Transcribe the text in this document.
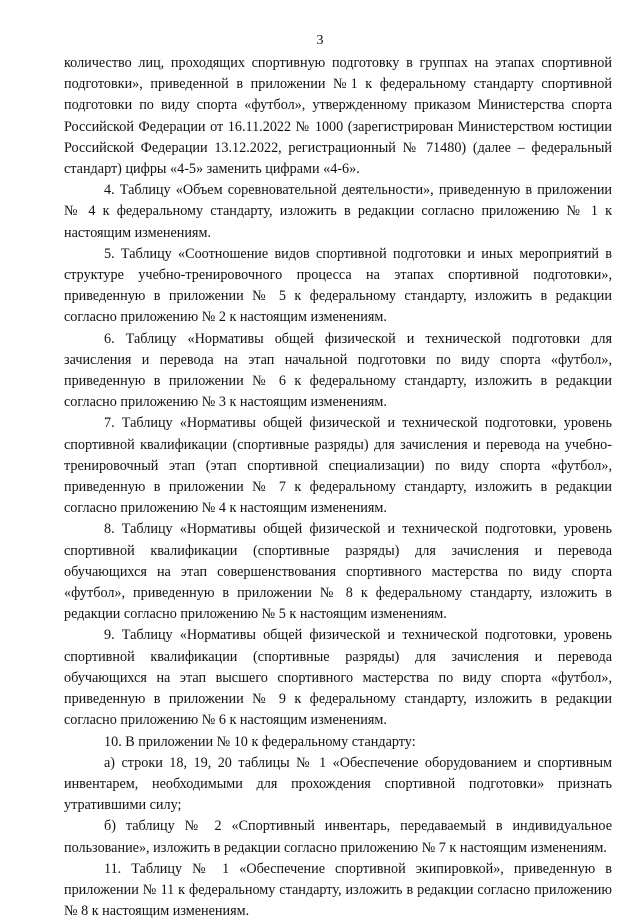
3

количество лиц, проходящих спортивную подготовку в группах на этапах спортивной подготовки», приведенной в приложении №1 к федеральному стандарту спортивной подготовки по виду спорта «футбол», утвержденному приказом Министерства спорта Российской Федерации от 16.11.2022 № 1000 (зарегистрирован Министерством юстиции Российской Федерации 13.12.2022, регистрационный № 71480) (далее – федеральный стандарт) цифры «4-5» заменить цифрами «4-6».

4. Таблицу «Объем соревновательной деятельности», приведенную в приложении № 4 к федеральному стандарту, изложить в редакции согласно приложению № 1 к настоящим изменениям.

5. Таблицу «Соотношение видов спортивной подготовки и иных мероприятий в структуре учебно-тренировочного процесса на этапах спортивной подготовки», приведенную в приложении № 5 к федеральному стандарту, изложить в редакции согласно приложению № 2 к настоящим изменениям.

6. Таблицу «Нормативы общей физической и технической подготовки для зачисления и перевода на этап начальной подготовки по виду спорта «футбол», приведенную в приложении № 6 к федеральному стандарту, изложить в редакции согласно приложению № 3 к настоящим изменениям.

7. Таблицу «Нормативы общей физической и технической подготовки, уровень спортивной квалификации (спортивные разряды) для зачисления и перевода на учебно-тренировочный этап (этап спортивной специализации) по виду спорта «футбол», приведенную в приложении № 7 к федеральному стандарту, изложить в редакции согласно приложению № 4 к настоящим изменениям.

8. Таблицу «Нормативы общей физической и технической подготовки, уровень спортивной квалификации (спортивные разряды) для зачисления и перевода обучающихся на этап совершенствования спортивного мастерства по виду спорта «футбол», приведенную в приложении № 8 к федеральному стандарту, изложить в редакции согласно приложению № 5 к настоящим изменениям.

9. Таблицу «Нормативы общей физической и технической подготовки, уровень спортивной квалификации (спортивные разряды) для зачисления и перевода обучающихся на этап высшего спортивного мастерства по виду спорта «футбол», приведенную в приложении № 9 к федеральному стандарту, изложить в редакции согласно приложению № 6 к настоящим изменениям.

10. В приложении № 10 к федеральному стандарту:

а) строки 18, 19, 20 таблицы № 1 «Обеспечение оборудованием и спортивным инвентарем, необходимыми для прохождения спортивной подготовки» признать утратившими силу;

б) таблицу № 2 «Спортивный инвентарь, передаваемый в индивидуальное пользование», изложить в редакции согласно приложению № 7 к настоящим изменениям.

11. Таблицу № 1 «Обеспечение спортивной экипировкой», приведенную в приложении № 11 к федеральному стандарту, изложить в редакции согласно приложению № 8 к настоящим изменениям.
